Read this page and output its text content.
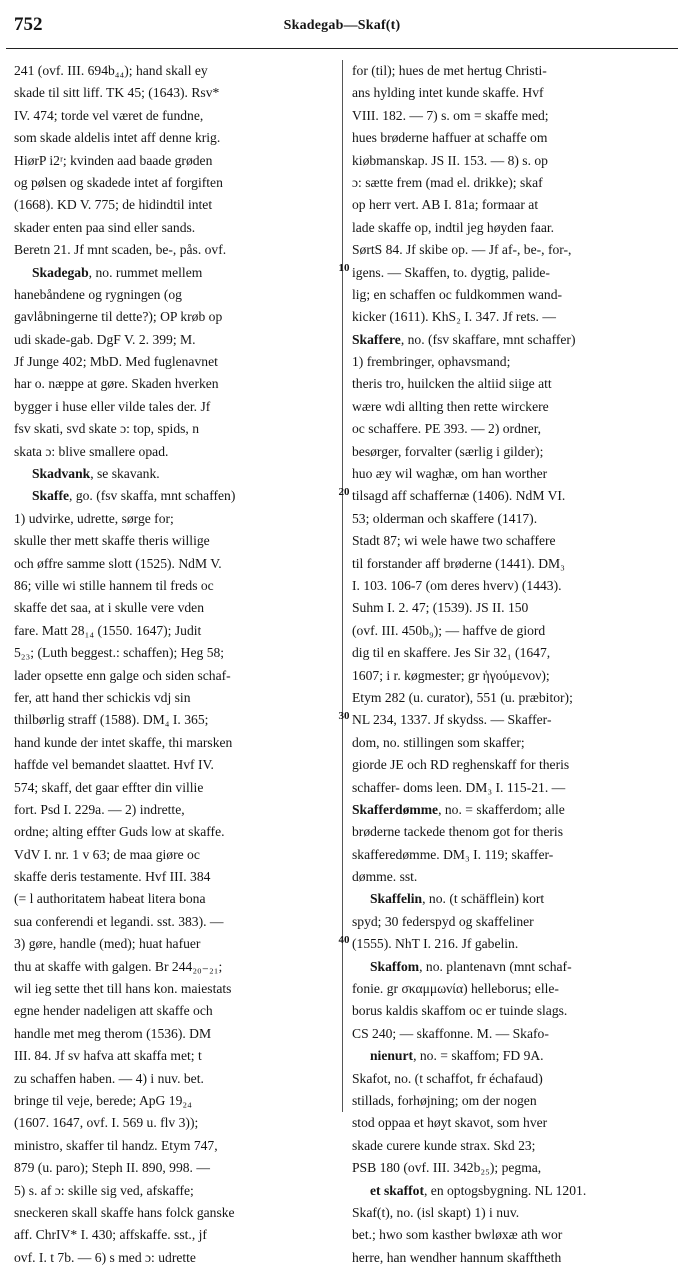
752	Skadegab—Skaf(t)
241 (ovf. III. 694b₄₄); hand skall ey
skade til sitt liff. TK 45; (1643). Rsv*
IV. 474; torde vel været de fundne,
som skade aldelis intet aff denne krig.
HiørP i2ʳ; kvinden aad baade grøden
og pølsen og skadede intet af forgiften
(1668). KD V. 775; de hidindtil intet
skader enten paa sind eller sands.
Beretn 21. Jf mnt scaden, be-, pås. ovf.
Skadegab, no. rummet mellem
hanebåndene og rygningen (og
gavlåbningerne til dette?); OP krøb op
udi skade-gab. DgF V. 2. 399; M.
Jf Junge 402; MbD. Med fuglenavnet
har o. næppe at gøre. Skaden hverken
bygger i huse eller vilde tales der. Jf
fsv skati, svd skate ɔ: top, spids, n
skata ɔ: blive smallere opad.
Skadvank, se skavank.
Skaffe, go. (fsv skaffa, mnt schaffen)
1) udvirke, udrette, sørge for;
skulle ther mett skaffe theris willige
och øffre samme slott (1525). NdM V.
86; ville wi stille hannem til freds oc
skaffe det saa, at i skulle vere vden
fare. Matt 28₁₄ (1550. 1647); Judit
5₂₃; (Luth beggest.: schaffen); Heg 58;
lader opsette enn galge och siden schaf-
fer, att hand ther schickis vdj sin
thilbørlig straff (1588). DM₄ I. 365;
hand kunde der intet skaffe, thi marsken
haffde vel bemandet slaattet. Hvf IV.
574; skaff, det gaar effter din villie
fort. Psd I. 229a. — 2) indrette,
ordne; alting effter Guds low at skaffe.
VdV I. nr. 1 v 63; de maa giøre oc
skaffe deris testamente. Hvf III. 384
(= l authoritatem habeat litera bona
sua conferendi et legandi. sst. 383). —
3) gøre, handle (med); huat hafuer
thu at skaffe with galgen. Br 244₂₀₋₂₁;
wil ieg sette thet till hans kon. maiestats
egne hender nadeligen att skaffe och
handle met meg therom (1536). DM
III. 84. Jf sv hafva att skaffa met; t
zu schaffen haben. — 4) i nuv. bet.
bringe til veje, berede; ApG 19₂₄
(1607. 1647, ovf. I. 569 u. flv 3));
ministro, skaffer til handz. Etym 747,
879 (u. paro); Steph II. 890, 998. —
5) s. af ɔ: skille sig ved, afskaffe;
sneckeren skall skaffe hans folck ganske
aff. ChrIV* I. 430; affskaffe. sst., jf
ovf. I. t 7b. — 6) s med ɔ: udrette
for (til); hues de met hertug Christi-
ans hylding intet kunde skaffe. Hvf
VIII. 182. — 7) s. om = skaffe med;
hues brøderne haffuer at schaffe om
kiøbmanskap. JS II. 153. — 8) s. op
ɔ: sætte frem (mad el. drikke); skaf
op herr vert. AB I. 81a; formaar at
lade skaffe op, indtil jeg høyden faar.
SørtS 84. Jf skibe op. — Jf af-, be-, for-,
igens. — Skaffen, to. dygtig, palide-
lig; en schaffen oc fuldkommen wand-
kicker (1611). KhS₂ I. 347. Jf rets. —
Skaffere, no. (fsv skaffare, mnt schaffer)
1) frembringer, ophavsmand;
theris tro, huilcken the altiid siige att
wære wdi allting then rette wirckere
oc schaffere. PE 393. — 2) ordner,
besørger, forvalter (særlig i gilder);
huo æy wil waghæ, om han worther
tilsagd aff schaffernæ (1406). NdM VI.
53; olderman och skaffere (1417).
Stadt 87; wi wele hawe two schaffere
til forstander aff brøderne (1441). DM₃
I. 103. 106-7 (om deres hverv) (1443).
Suhm I. 2. 47; (1539). JS II. 150
(ovf. III. 450b₉); — haffve de giord
dig til en skaffere. Jes Sir 32₁ (1647,
1607; i r. køgmester; gr ἡγούμενον);
Etym 282 (u. curator), 551 (u. præbitor);
NL 234, 1337. Jf skydss. — Skaffer-
dom, no. stillingen som skaffer;
giorde JE och RD reghenskaff for theris
schaffer- doms leen. DM₃ I. 115-21. —
Skafferdømme, no. = skafferdom; alle
brøderne tackede thenom got for theris
skafferedømme. DM₃ I. 119; skaffer-
dømme. sst.
Skaffelin, no. (t schäfflein) kort
spyd; 30 federspyd og skaffeliner
(1555). NhT I. 216. Jf gabelin.
Skaffom, no. plantenavn (mnt schaf-
fonie. gr σκαμμωνία) helleborus; elle-
borus kaldis skaffom oc er tuinde slags.
CS 240; — skaffonne. M. — Skafo-
nienurt, no. = skaffom; FD 9A.
Skafot, no. (t schaffot, fr échafaud)
stillads, forhøjning; om der nogen
stod oppaa et høyt skavot, som hver
skade curere kunde strax. Skd 23;
PSB 180 (ovf. III. 342b₂₅); pegma,
et skaffot, en optogsbygning. NL 1201.
Skaf(t), no. (isl skapt) 1) i nuv.
bet.; hwo som kasther bwløxæ ath wor
herre, han wendher hannum skafftheth
10
20
30
40
